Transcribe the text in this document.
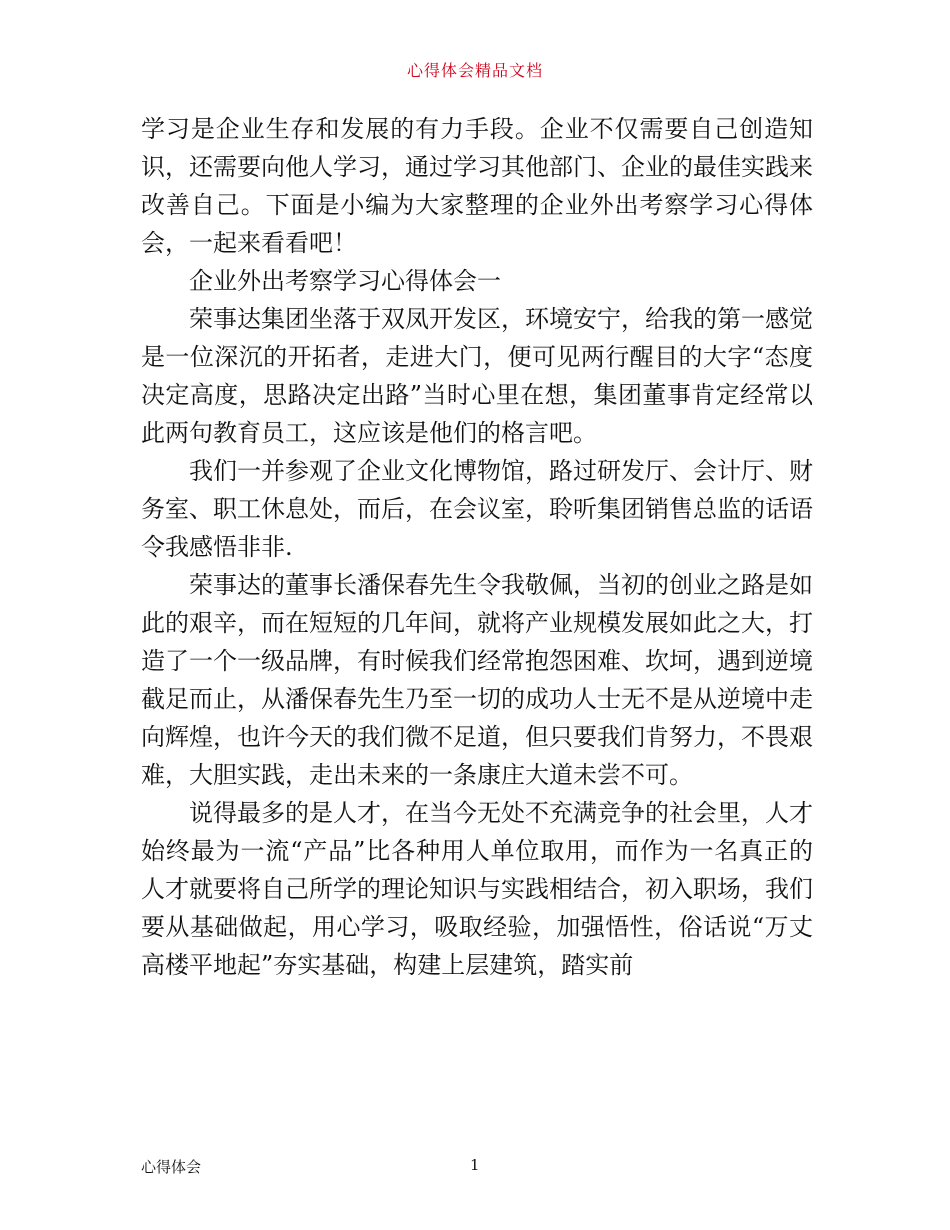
心得体会精品文档

学习是企业生存和发展的有力手段。企业不仅需要自己创造知识，还需要向他人学习，通过学习其他部门、企业的最佳实践来改善自己。下面是小编为大家整理的企业外出考察学习心得体会，一起来看看吧！

企业外出考察学习心得体会一

荣事达集团坐落于双凤开发区，环境安宁，给我的第一感觉是一位深沉的开拓者，走进大门，便可见两行醒目的大字“态度决定高度，思路决定出路”当时心里在想，集团董事肯定经常以此两句教育员工，这应该是他们的格言吧。

我们一并参观了企业文化博物馆，路过研发厅、会计厅、财务室、职工休息处，而后，在会议室，聆听集团销售总监的话语令我感悟非非.

荣事达的董事长潘保春先生令我敬佩，当初的创业之路是如此的艰辛，而在短短的几年间，就将产业规模发展如此之大，打造了一个一级品牌，有时候我们经常抱怨困难、坎坷，遇到逆境截足而止，从潘保春先生乃至一切的成功人士无不是从逆境中走向辉煌，也许今天的我们微不足道，但只要我们肯努力，不畏艰难，大胆实践，走出未来的一条康庄大道未尝不可。

说得最多的是人才，在当今无处不充满竞争的社会里，人才始终最为一流“产品”比各种用人单位取用，而作为一名真正的人才就要将自己所学的理论知识与实践相结合，初入职场，我们要从基础做起，用心学习，吸取经验，加强悟性，俗话说“万丈高楼平地起”夯实基础，构建上层建筑，踏实前

心得体会	1
